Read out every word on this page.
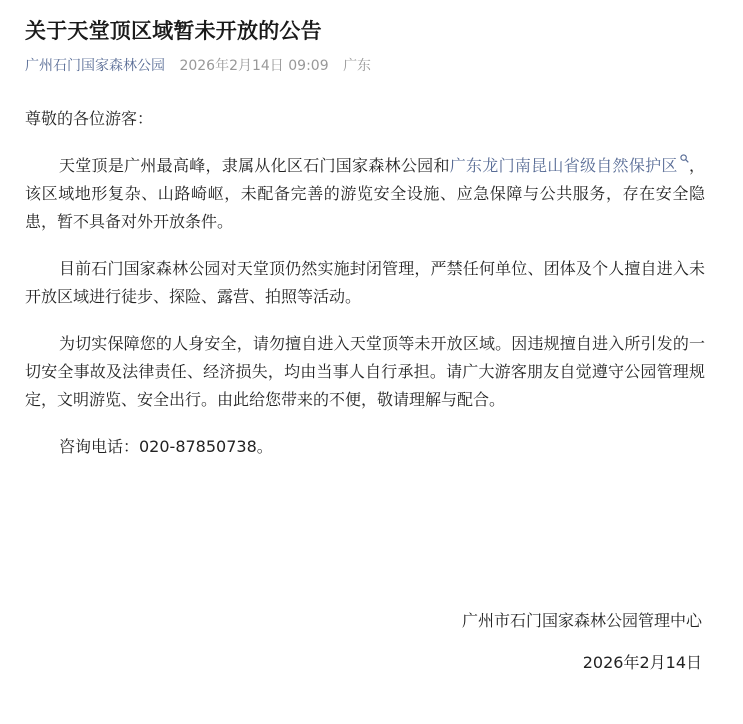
关于天堂顶区域暂未开放的公告
广州石门国家森林公园 2026年2月14日 09:09 广东

尊敬的各位游客：

天堂顶是广州最高峰，隶属从化区石门国家森林公园和广东龙门南昆山省级自然保护区 ，该区域地形复杂、山路崎岖，未配备完善的游览安全设施、应急保障与公共服务，存在安全隐患，暂不具备对外开放条件。

目前石门国家森林公园对天堂顶仍然实施封闭管理，严禁任何单位、团体及个人擅自进入未开放区域进行徒步、探险、露营、拍照等活动。

为切实保障您的人身安全，请勿擅自进入天堂顶等未开放区域。因违规擅自进入所引发的一切安全事故及法律责任、经济损失，均由当事人自行承担。请广大游客朋友自觉遵守公园管理规定，文明游览、安全出行。由此给您带来的不便，敬请理解与配合。

咨询电话：020-87850738。

广州市石门国家森林公园管理中心
2026年2月14日
